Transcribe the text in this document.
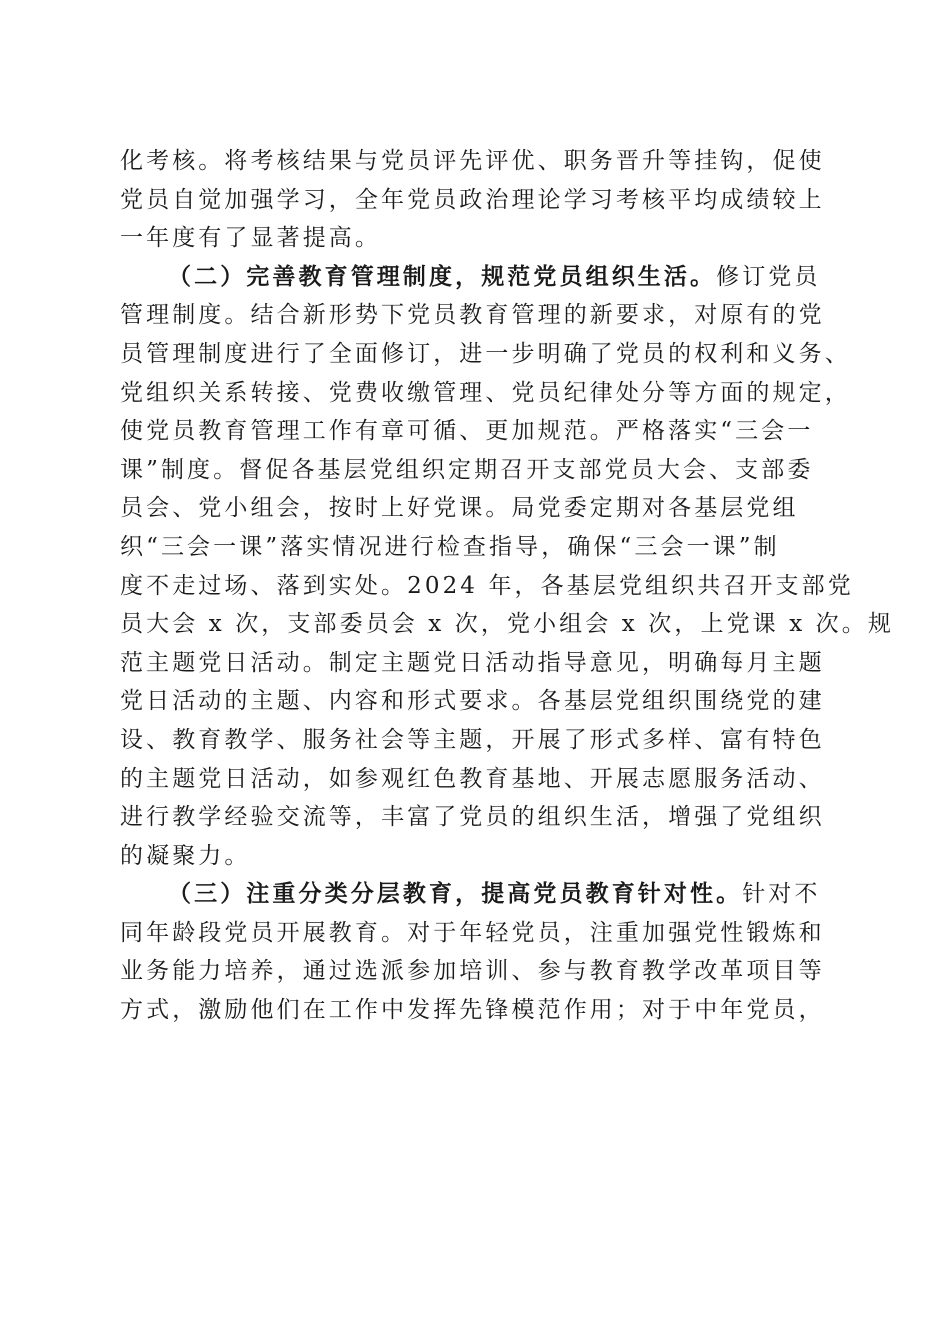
化考核。将考核结果与党员评先评优、职务晋升等挂钩，促使
党员自觉加强学习，全年党员政治理论学习考核平均成绩较上
一年度有了显著提高。
（二）完善教育管理制度，规范党员组织生活。修订党员
管理制度。结合新形势下党员教育管理的新要求，对原有的党
员管理制度进行了全面修订，进一步明确了党员的权利和义务、
党组织关系转接、党费收缴管理、党员纪律处分等方面的规定，
使党员教育管理工作有章可循、更加规范。严格落实“三会一
课”制度。督促各基层党组织定期召开支部党员大会、支部委
员会、党小组会，按时上好党课。局党委定期对各基层党组
织“三会一课”落实情况进行检查指导，确保“三会一课”制
度不走过场、落到实处。2024 年，各基层党组织共召开支部党
员大会 x 次，支部委员会 x 次，党小组会 x 次，上党课 x 次。规
范主题党日活动。制定主题党日活动指导意见，明确每月主题
党日活动的主题、内容和形式要求。各基层党组织围绕党的建
设、教育教学、服务社会等主题，开展了形式多样、富有特色
的主题党日活动，如参观红色教育基地、开展志愿服务活动、
进行教学经验交流等，丰富了党员的组织生活，增强了党组织
的凝聚力。
（三）注重分类分层教育，提高党员教育针对性。针对不
同年龄段党员开展教育。对于年轻党员，注重加强党性锻炼和
业务能力培养，通过选派参加培训、参与教育教学改革项目等
方式，激励他们在工作中发挥先锋模范作用；对于中年党员，
